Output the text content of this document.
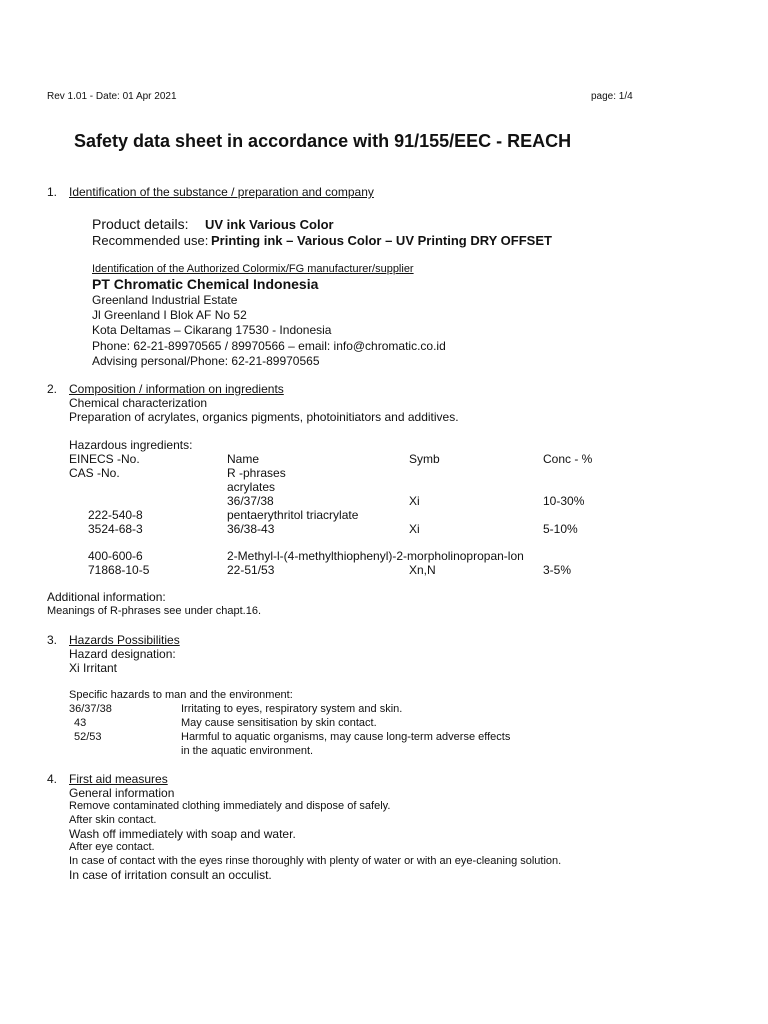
Rev 1.01 - Date: 01 Apr 2021	page: 1/4
Safety data sheet in accordance with 91/155/EEC - REACH
1. Identification of the substance / preparation and company
Product details: UV ink Various Color
Recommended use: Printing ink – Various Color – UV Printing DRY OFFSET
Identification of the Authorized Colormix/FG manufacturer/supplier
PT Chromatic Chemical Indonesia
Greenland Industrial Estate
Jl Greenland I Blok AF No 52
Kota Deltamas – Cikarang 17530 - Indonesia
Phone: 62-21-89970565 / 89970566 – email: info@chromatic.co.id
Advising personal/Phone: 62-21-89970565
2. Composition / information on ingredients
Chemical characterization
Preparation of acrylates, organics pigments, photoinitiators and additives.
Hazardous ingredients:
EINECS -No.	Name	Symb	Conc - %
CAS -No.	R -phrases
acrylates
36/37/38	Xi	10-30%
222-540-8	pentaerythritol triacrylate
3524-68-3	36/38-43	Xi	5-10%
400-600-6	2-Methyl-l-(4-methylthiophenyl)-2-morpholinopropan-lon
71868-10-5	22-51/53	Xn,N	3-5%
Additional information:
Meanings of R-phrases see under chapt.16.
3. Hazards Possibilities
Hazard designation:
Xi Irritant
Specific hazards to man and the environment:
36/37/38	Irritating to eyes, respiratory system and skin.
43	May cause sensitisation by skin contact.
52/53	Harmful to aquatic organisms, may cause long-term adverse effects
in the aquatic environment.
4. First aid measures
General information
Remove contaminated clothing immediately and dispose of safely.
After skin contact.
Wash off immediately with soap and water.
After eye contact.
In case of contact with the eyes rinse thoroughly with plenty of water or with an eye-cleaning solution.
In case of irritation consult an occulist.
